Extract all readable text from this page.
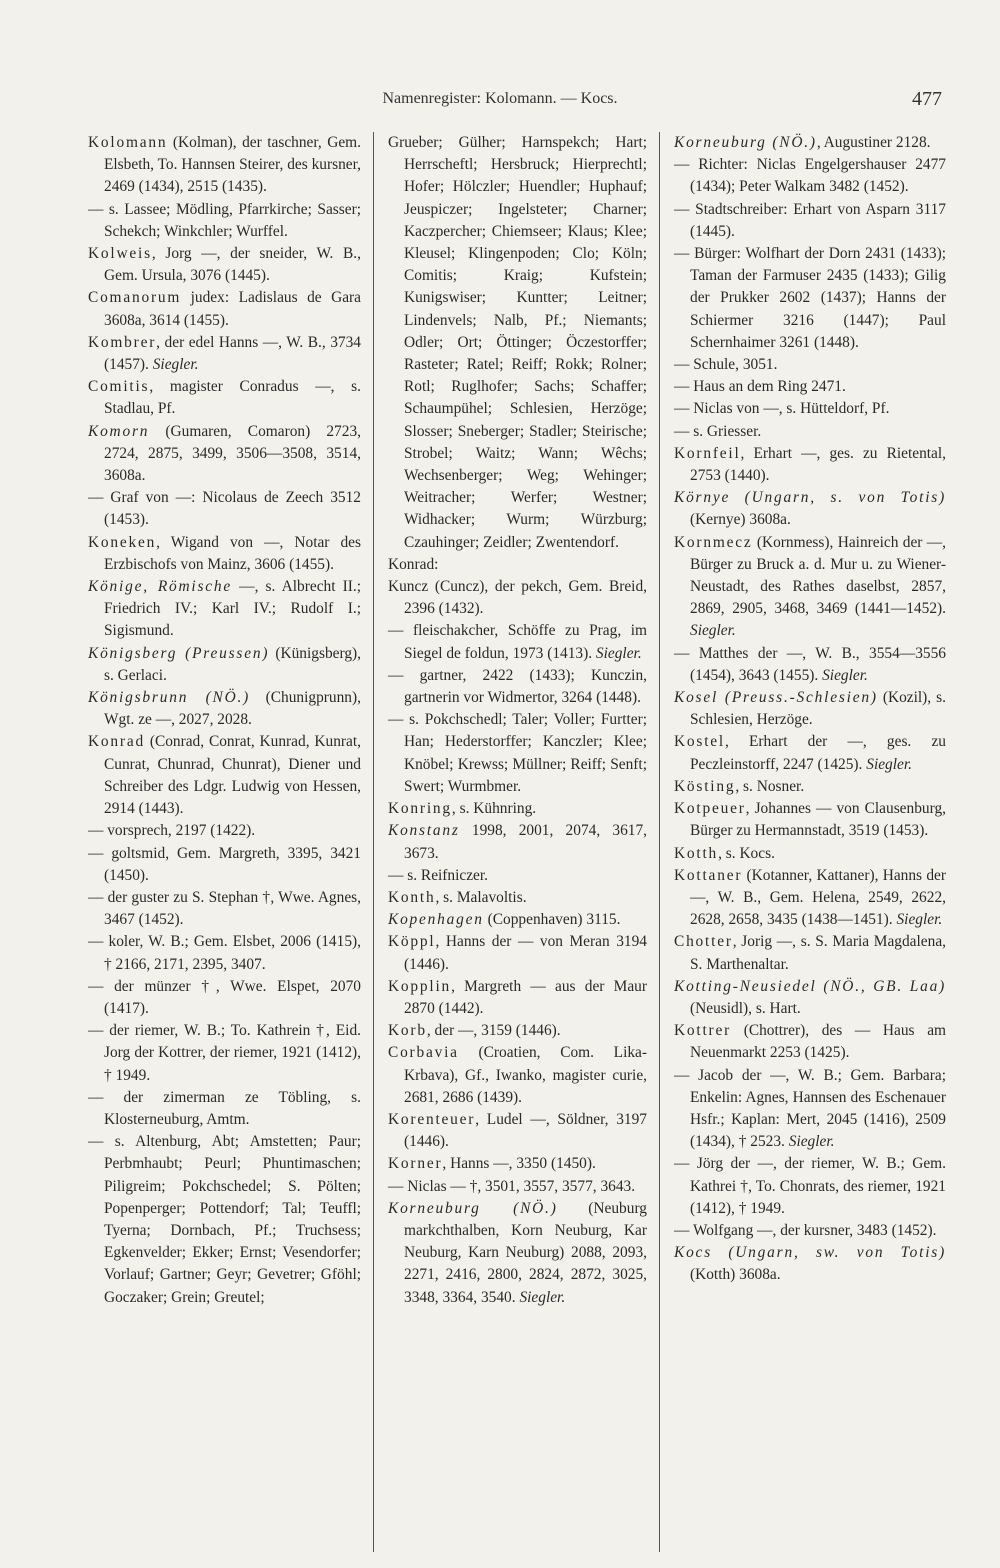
Namenregister: Kolomann. — Kocs.	477

Kolomann (Kolman), der taschner, Gem. Elsbeth, To. Hannsen Steirer, des kursner, 2469 (1434), 2515 (1435).

— s. Lassee; Mödling, Pfarrkirche; Sasser; Schekch; Winkchler; Wurffel.

Kolweis, Jorg —, der sneider, W. B., Gem. Ursula, 3076 (1445).

Comanorum judex: Ladislaus de Gara 3608a, 3614 (1455).

Kombrer, der edel Hanns —, W. B., 3734 (1457). Siegler.

Comitis, magister Conradus —, s. Stadlau, Pf.

Komorn (Gumaren, Comaron) 2723, 2724, 2875, 3499, 3506—3508, 3514, 3608a.

— Graf von —: Nicolaus de Zeech 3512 (1453).

Koneken, Wigand von —, Notar des Erzbischofs von Mainz, 3606 (1455).

Könige, Römische —, s. Albrecht II.; Friedrich IV.; Karl IV.; Rudolf I.; Sigismund.

Königsberg (Preussen) (Künigsberg), s. Gerlaci.

Königsbrunn (NÖ.) (Chunigprunn), Wgt. ze —, 2027, 2028.

Konrad (Conrad, Conrat, Kunrad, Kunrat, Cunrat, Chunrad, Chunrat), Diener und Schreiber des Ldgr. Ludwig von Hessen, 2914 (1443).

— vorsprech, 2197 (1422).

— goltsmid, Gem. Margreth, 3395, 3421 (1450).

— der guster zu S. Stephan †, Wwe. Agnes, 3467 (1452).

— koler, W. B.; Gem. Elsbet, 2006 (1415), † 2166, 2171, 2395, 3407.

— der münzer †, Wwe. Elspet, 2070 (1417).

— der riemer, W. B.; To. Kathrein †, Eid. Jorg der Kottrer, der riemer, 1921 (1412), † 1949.

— der zimerman ze Töbling, s. Klosterneuburg, Amtm.

— s. Altenburg, Abt; Amstetten; Paur; Perbmhaubt; Peurl; Phuntimaschen; Piligreim; Pokchschedel; S. Pölten; Popenperger; Pottendorf; Tal; Teuffl; Tyerna; Dornbach, Pf.; Truchsess; Egkenvelder; Ekker; Ernst; Vesendorfer; Vorlauf; Gartner; Geyr; Gevetrer; Gföhl; Goczaker; Grein; Greutel;

Grueber; Gülher; Harnspekch; Hart; Herrscheftl; Hersbruck; Hierprechtl; Hofer; Hölczler; Huendler; Huphauf; Jeuspiczer; Ingelsteter; Charner; Kaczpercher; Chiemseer; Klaus; Klee; Kleusel; Klingenpoden; Clo; Köln; Comitis; Kraig; Kufstein; Kunigswiser; Kuntter; Leitner; Lindenvels; Nalb, Pf.; Niemants; Odler; Ort; Öttinger; Öczestorffer; Rasteter; Ratel; Reiff; Rokk; Rolner; Rotl; Ruglhofer; Sachs; Schaffer; Schaumpühel; Schlesien, Herzöge; Slosser; Sneberger; Stadler; Steirische; Strobel; Waitz; Wann; Wêchs; Wechsenberger; Weg; Wehinger; Weitracher; Werfer; Westner; Widhacker; Wurm; Würzburg; Czauhinger; Zeidler; Zwentendorf.

Konrad:

Kuncz (Cuncz), der pekch, Gem. Breid, 2396 (1432).

— fleischakcher, Schöffe zu Prag, im Siegel de foldun, 1973 (1413). Siegler.

— gartner, 2422 (1433); Kunczin, gartnerin vor Widmertor, 3264 (1448).

— s. Pokchschedl; Taler; Voller; Furtter; Han; Hederstorffer; Kanczler; Klee; Knöbel; Krewss; Müllner; Reiff; Senft; Swert; Wurmbmer.

Konring, s. Kühnring.

Konstanz 1998, 2001, 2074, 3617, 3673.

— s. Reifniczer.

Konth, s. Malavoltis.

Kopenhagen (Coppenhaven) 3115.

Köppl, Hanns der — von Meran 3194 (1446).

Kopplin, Margreth — aus der Maur 2870 (1442).

Korb, der —, 3159 (1446).

Corbavia (Croatien, Com. Lika-Krbava), Gf., Iwanko, magister curie, 2681, 2686 (1439).

Korenteuer, Ludel —, Söldner, 3197 (1446).

Korner, Hanns —, 3350 (1450).

— Niclas — †, 3501, 3557, 3577, 3643.

Korneuburg (NÖ.) (Neuburg markchthalben, Korn Neuburg, Kar Neuburg, Karn Neuburg) 2088, 2093, 2271, 2416, 2800, 2824, 2872, 3025, 3348, 3364, 3540. Siegler.

Korneuburg (NÖ.), Augustiner 2128.

— Richter: Niclas Engelgershauser 2477 (1434); Peter Walkam 3482 (1452).

— Stadtschreiber: Erhart von Asparn 3117 (1445).

— Bürger: Wolfhart der Dorn 2431 (1433); Taman der Farmuser 2435 (1433); Gilig der Prukker 2602 (1437); Hanns der Schiermer 3216 (1447); Paul Schernhaimer 3261 (1448).

— Schule, 3051.

— Haus an dem Ring 2471.

— Niclas von —, s. Hütteldorf, Pf.

— s. Griesser.

Kornfeil, Erhart —, ges. zu Rietental, 2753 (1440).

Környe (Ungarn, s. von Totis) (Kernye) 3608a.

Kornmecz (Kornmess), Hainreich der —, Bürger zu Bruck a. d. Mur u. zu Wiener-Neustadt, des Rathes daselbst, 2857, 2869, 2905, 3468, 3469 (1441—1452). Siegler.

— Matthes der —, W. B., 3554—3556 (1454), 3643 (1455). Siegler.

Kosel (Preuss.-Schlesien) (Kozil), s. Schlesien, Herzöge.

Kostel, Erhart der —, ges. zu Peczleinstorff, 2247 (1425). Siegler.

Kösting, s. Nosner.

Kotpeuer, Johannes — von Clausenburg, Bürger zu Hermannstadt, 3519 (1453).

Kotth, s. Kocs.

Kottaner (Kotanner, Kattaner), Hanns der —, W. B., Gem. Helena, 2549, 2622, 2628, 2658, 3435 (1438—1451). Siegler.

Chotter, Jorig —, s. S. Maria Magdalena, S. Marthenaltar.

Kotting-Neusiedel (NÖ., GB. Laa) (Neusidl), s. Hart.

Kottrer (Chottrer), des — Haus am Neuenmarkt 2253 (1425).

— Jacob der —, W. B.; Gem. Barbara; Enkelin: Agnes, Hannsen des Eschenauer Hsfr.; Kaplan: Mert, 2045 (1416), 2509 (1434), † 2523. Siegler.

— Jörg der —, der riemer, W. B.; Gem. Kathrei †, To. Chonrats, des riemer, 1921 (1412), † 1949.

— Wolfgang —, der kursner, 3483 (1452).

Kocs (Ungarn, sw. von Totis) (Kotth) 3608a.
